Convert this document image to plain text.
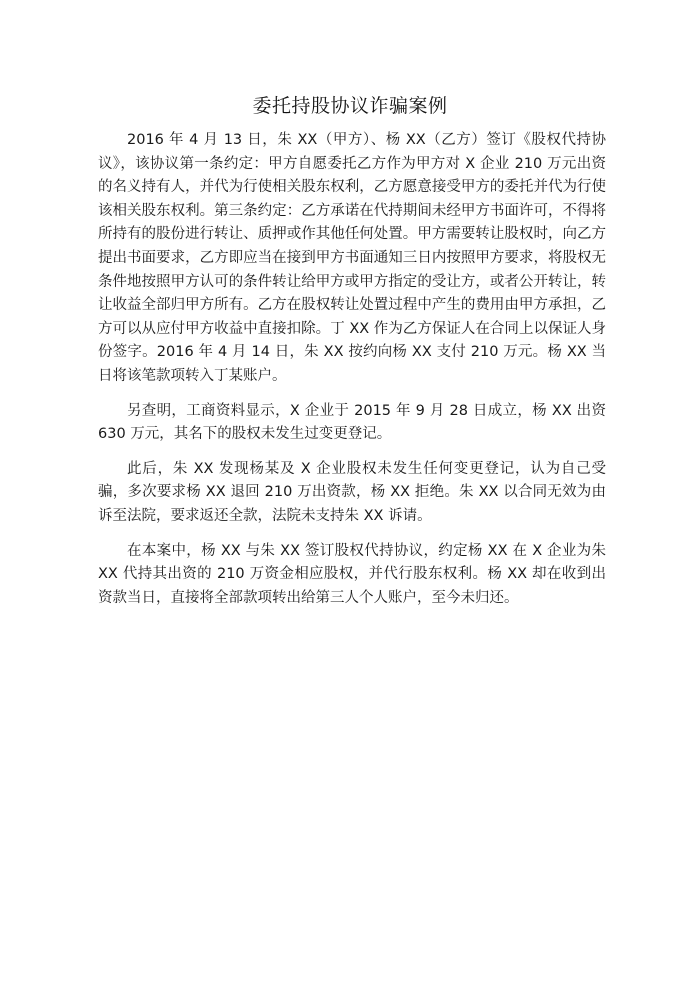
委托持股协议诈骗案例

2016 年 4 月 13 日，朱 XX（甲方）、杨 XX（乙方）签订《股权代持协议》，该协议第一条约定：甲方自愿委托乙方作为甲方对 X 企业 210 万元出资的名义持有人，并代为行使相关股东权利，乙方愿意接受甲方的委托并代为行使该相关股东权利。第三条约定：乙方承诺在代持期间未经甲方书面许可，不得将所持有的股份进行转让、质押或作其他任何处置。甲方需要转让股权时，向乙方提出书面要求，乙方即应当在接到甲方书面通知三日内按照甲方要求，将股权无条件地按照甲方认可的条件转让给甲方或甲方指定的受让方，或者公开转让，转让收益全部归甲方所有。乙方在股权转让处置过程中产生的费用由甲方承担，乙方可以从应付甲方收益中直接扣除。丁 XX 作为乙方保证人在合同上以保证人身份签字。2016 年 4 月 14 日，朱 XX 按约向杨 XX 支付 210 万元。杨 XX 当日将该笔款项转入丁某账户。

另查明，工商资料显示，X 企业于 2015 年 9 月 28 日成立，杨 XX 出资 630 万元，其名下的股权未发生过变更登记。

此后，朱 XX 发现杨某及 X 企业股权未发生任何变更登记，认为自己受骗，多次要求杨 XX 退回 210 万出资款，杨 XX 拒绝。朱 XX 以合同无效为由诉至法院，要求返还全款，法院未支持朱 XX 诉请。

在本案中，杨 XX 与朱 XX 签订股权代持协议，约定杨 XX 在 X 企业为朱 XX 代持其出资的 210 万资金相应股权，并代行股东权利。杨 XX 却在收到出资款当日，直接将全部款项转出给第三人个人账户，至今未归还。
